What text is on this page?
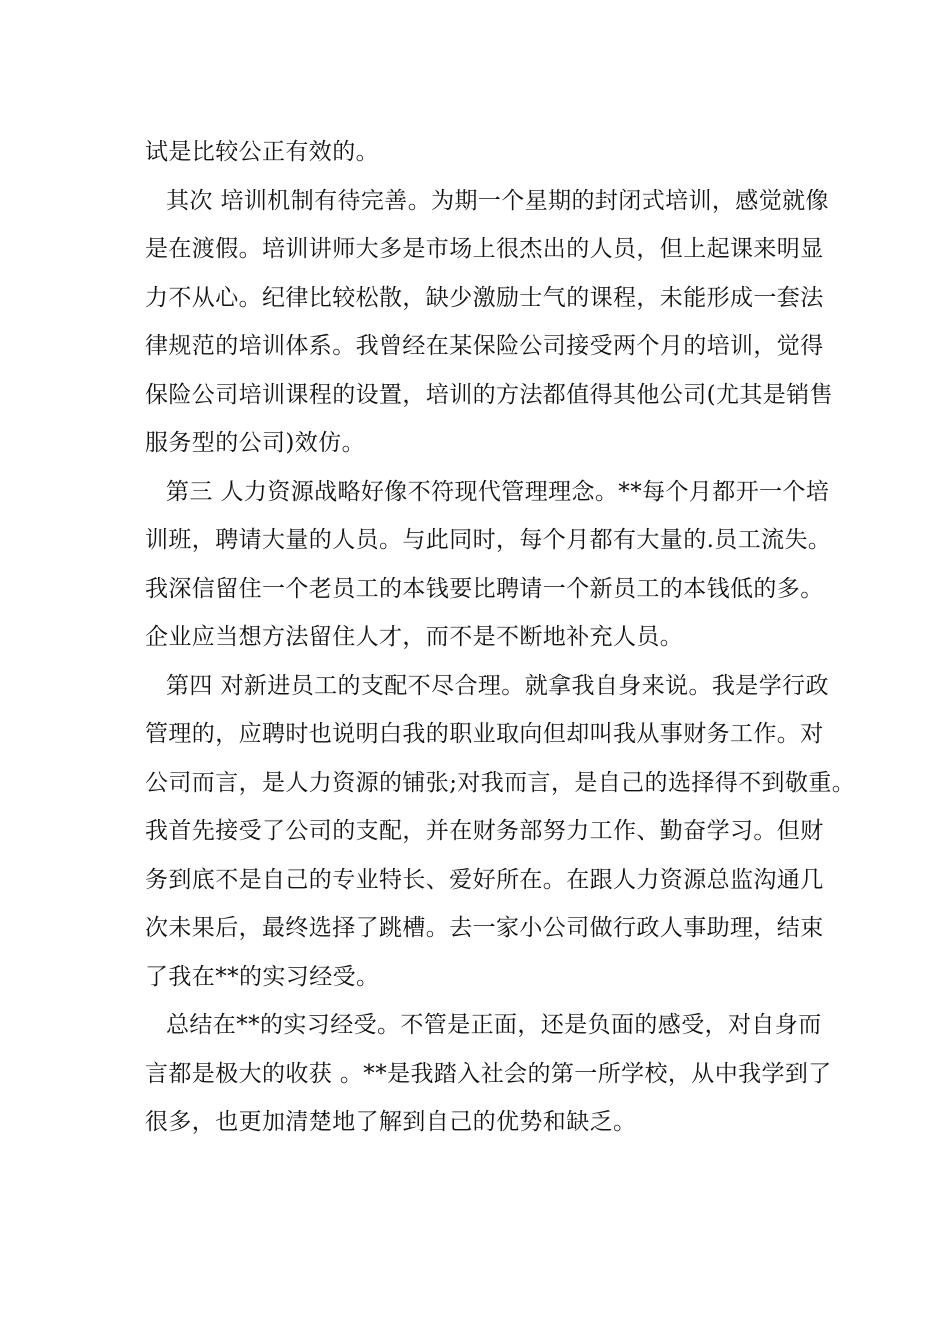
试是比较公正有效的。
其次 培训机制有待完善。为期一个星期的封闭式培训，感觉就像
是在渡假。培训讲师大多是市场上很杰出的人员，但上起课来明显
力不从心。纪律比较松散，缺少激励士气的课程，未能形成一套法
律规范的培训体系。我曾经在某保险公司接受两个月的培训，觉得
保险公司培训课程的设置，培训的方法都值得其他公司(尤其是销售
服务型的公司)效仿。
第三 人力资源战略好像不符现代管理理念。**每个月都开一个培
训班，聘请大量的人员。与此同时，每个月都有大量的.员工流失。
我深信留住一个老员工的本钱要比聘请一个新员工的本钱低的多。
企业应当想方法留住人才，而不是不断地补充人员。
第四 对新进员工的支配不尽合理。就拿我自身来说。我是学行政
管理的，应聘时也说明白我的职业取向但却叫我从事财务工作。对
公司而言，是人力资源的铺张;对我而言，是自己的选择得不到敬重。
我首先接受了公司的支配，并在财务部努力工作、勤奋学习。但财
务到底不是自己的专业特长、爱好所在。在跟人力资源总监沟通几
次未果后，最终选择了跳槽。去一家小公司做行政人事助理，结束
了我在**的实习经受。
总结在**的实习经受。不管是正面，还是负面的感受，对自身而
言都是极大的收获 。**是我踏入社会的第一所学校，从中我学到了
很多，也更加清楚地了解到自己的优势和缺乏。
